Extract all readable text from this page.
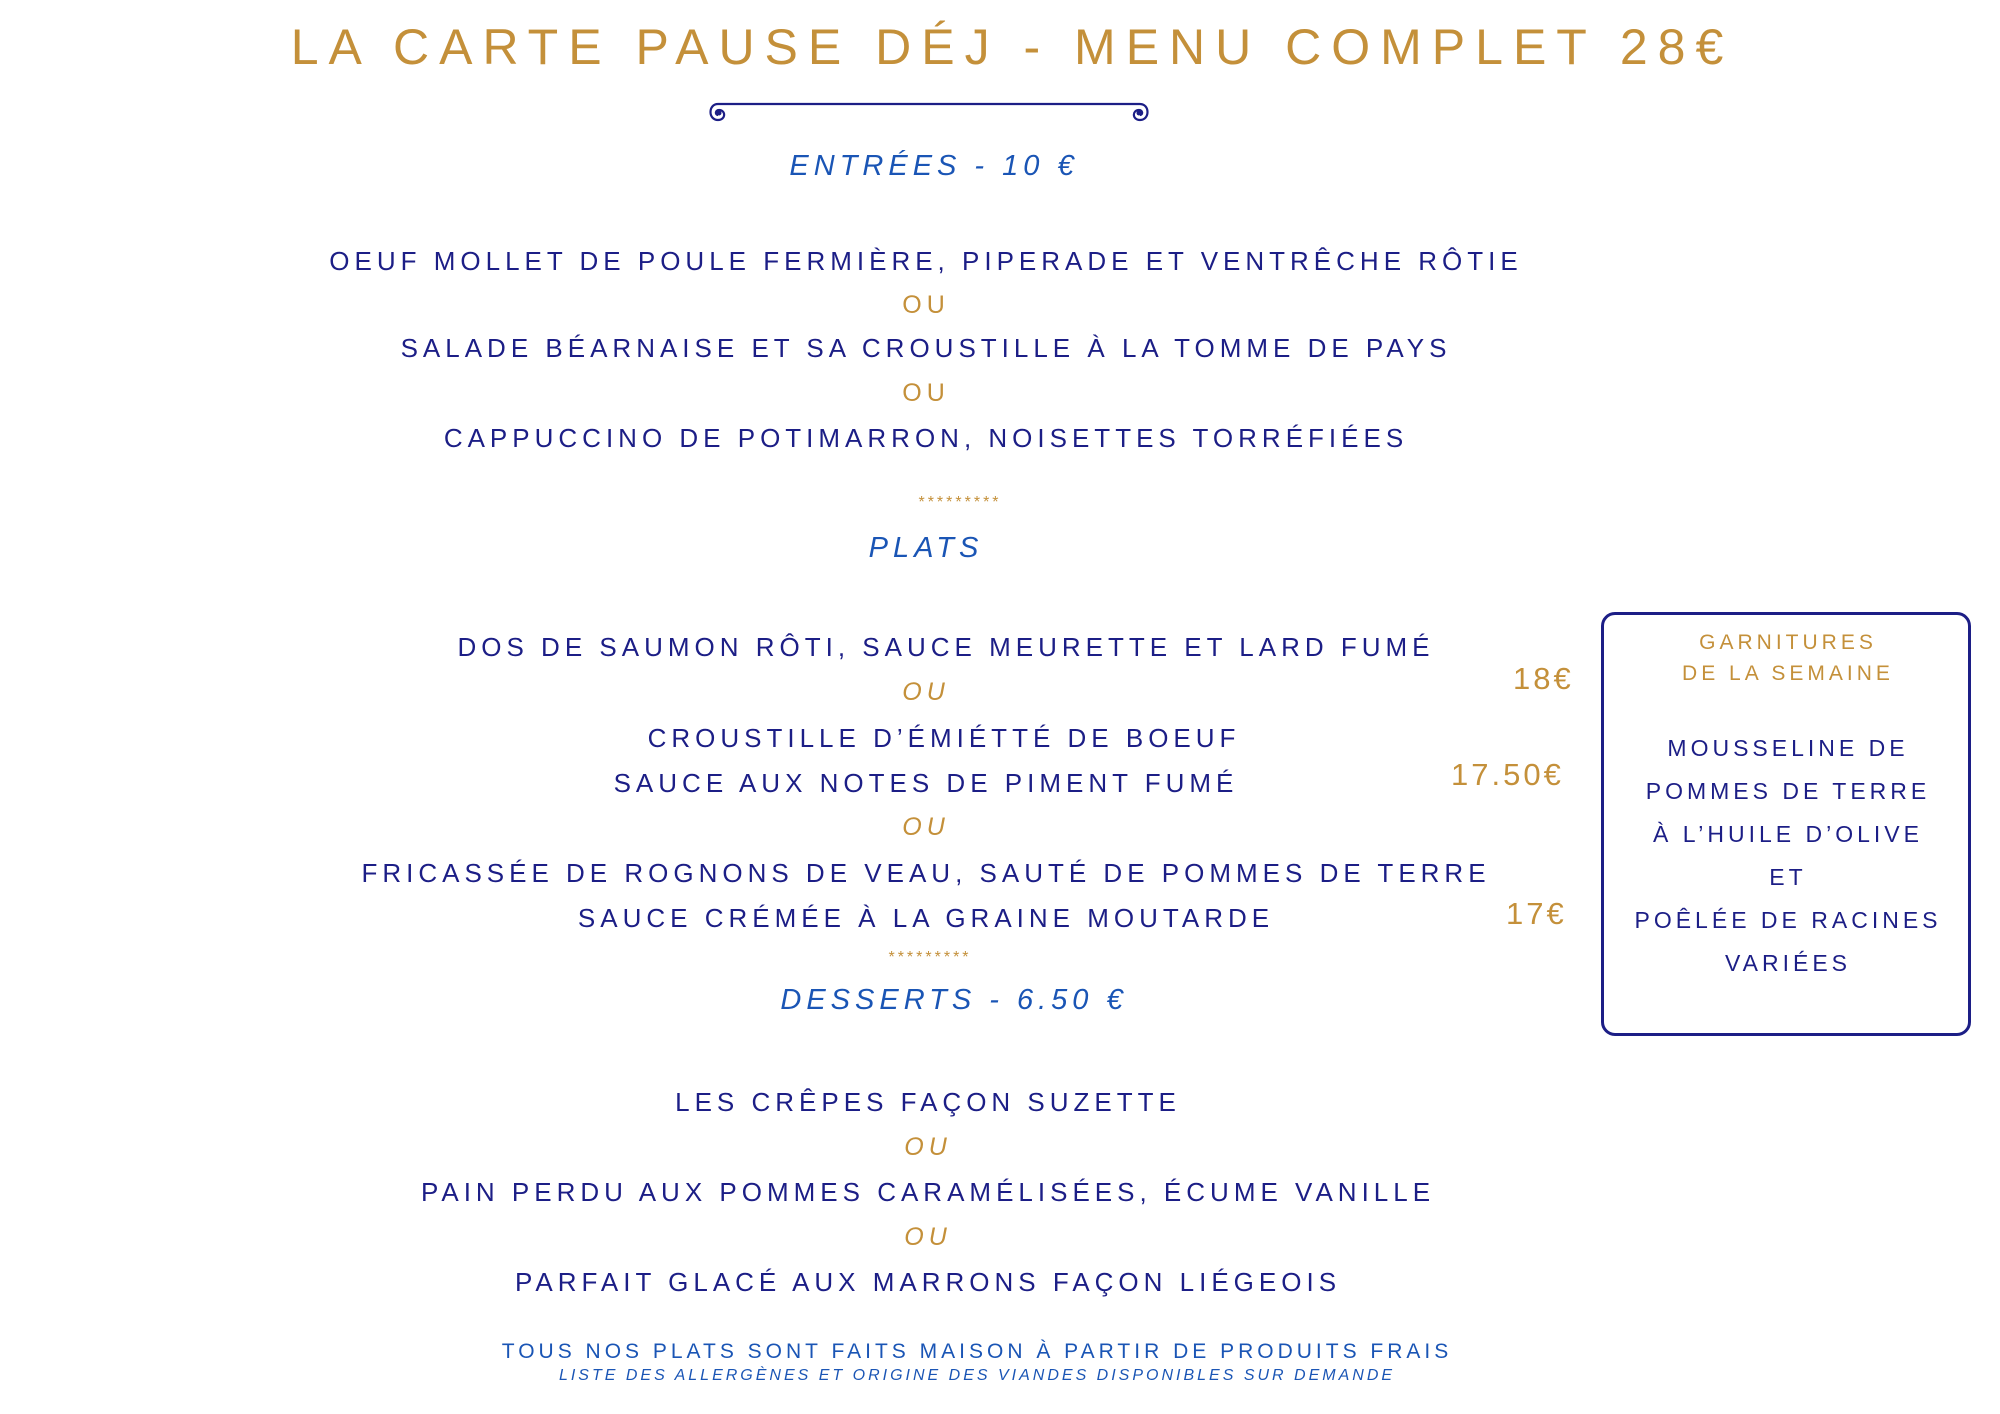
LA CARTE PAUSE DÉJ - MENU COMPLET 28€
ENTRÉES - 10 €
OEUF MOLLET DE POULE FERMIÈRE, PIPERADE ET VENTRÊCHE RÔTIE
OU
SALADE BÉARNAISE ET SA CROUSTILLE À LA TOMME DE PAYS
OU
CAPPUCCINO DE POTIMARRON, NOISETTES TORRÉFIÉES
*********
PLATS
DOS DE SAUMON RÔTI, SAUCE MEURETTE ET LARD FUMÉ
18€
OU
CROUSTILLE D’ÉMIÉTTÉ DE BOEUF
SAUCE AUX NOTES DE PIMENT FUMÉ	17.50€
OU
FRICASSÉE DE ROGNONS DE VEAU, SAUTÉ DE POMMES DE TERRE
SAUCE CRÉMÉE À LA GRAINE MOUTARDE	17€
*********
GARNITURES
DE LA SEMAINE
MOUSSELINE DE
POMMES DE TERRE
À L’HUILE D’OLIVE
ET
POÊLÉE DE RACINES
VARIÉES
DESSERTS - 6.50 €
LES CRÊPES FAÇON SUZETTE
OU
PAIN PERDU AUX POMMES CARAMÉLISÉES, ÉCUME VANILLE
OU
PARFAIT GLACÉ AUX MARRONS FAÇON LIÉGEOIS
TOUS NOS PLATS SONT FAITS MAISON À PARTIR DE PRODUITS FRAIS
LISTE DES ALLERGÈNES ET ORIGINE DES VIANDES DISPONIBLES SUR DEMANDE
